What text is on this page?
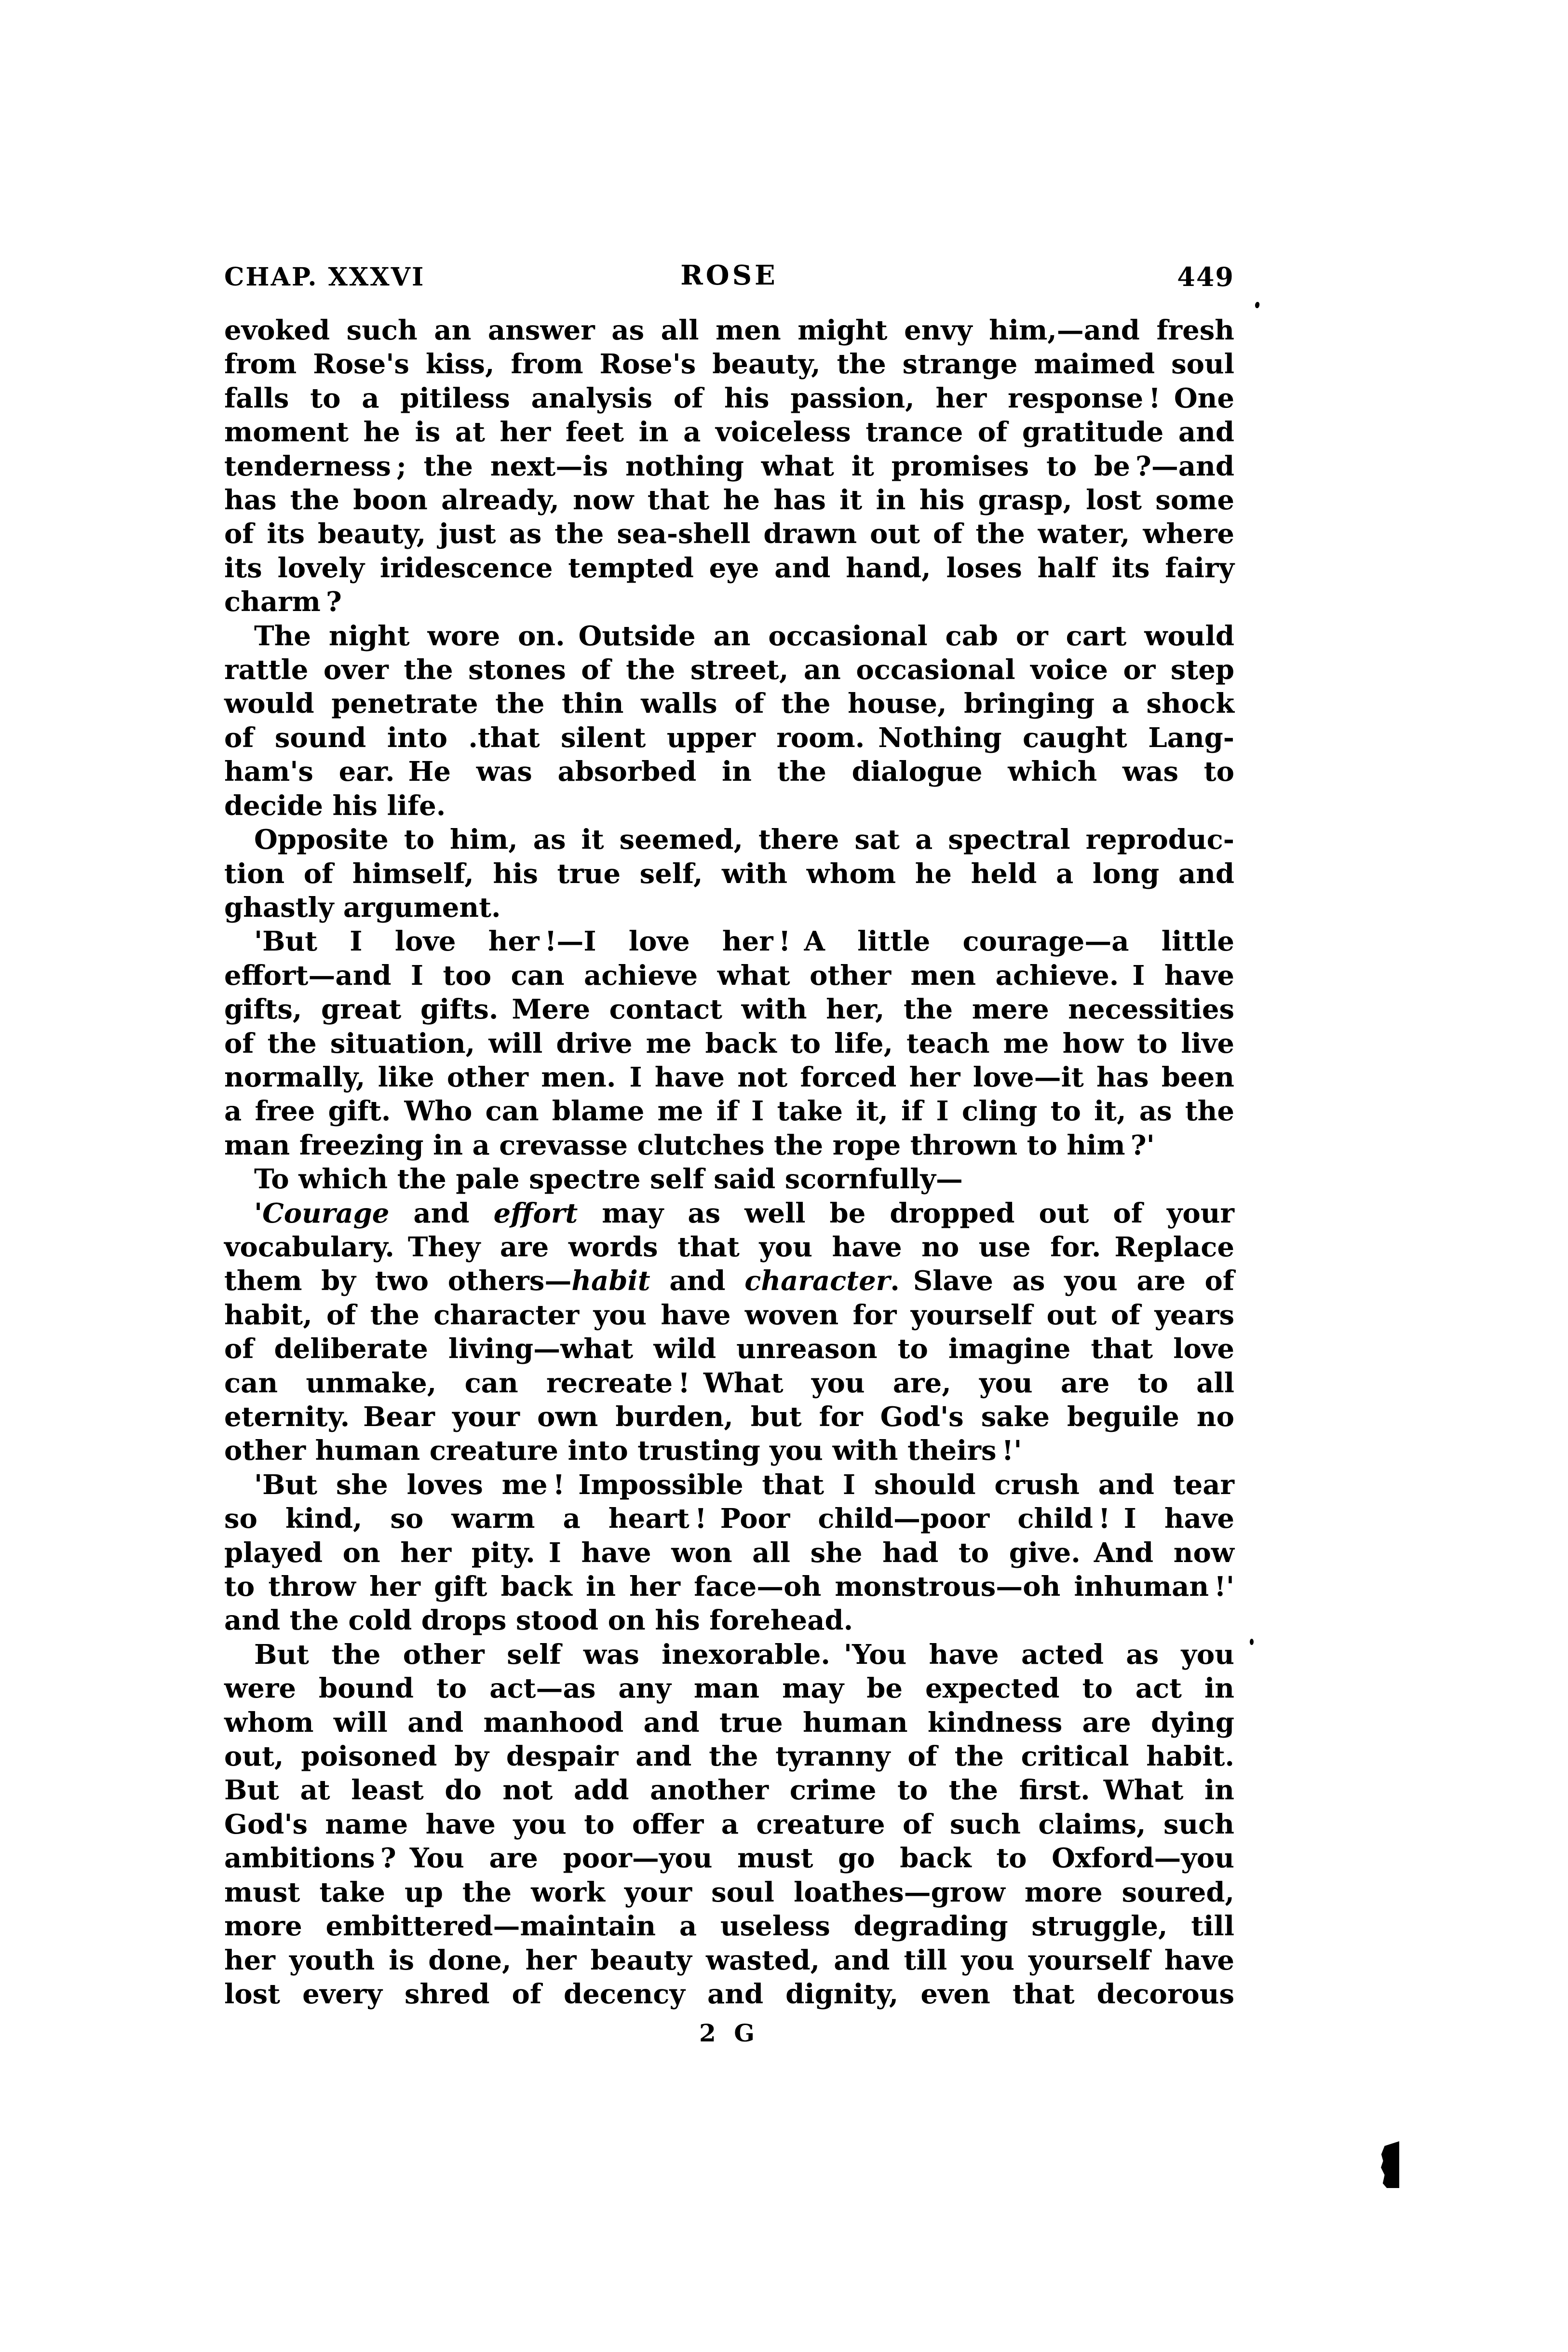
CHAP. XXXVI	ROSE	449
evoked such an answer as all men might envy him,—and fresh
from Rose's kiss, from Rose's beauty, the strange maimed soul
falls to a pitiless analysis of his passion, her response ! One
moment he is at her feet in a voiceless trance of gratitude and
tenderness ; the next—is nothing what it promises to be ?—and
has the boon already, now that he has it in his grasp, lost some
of its beauty, just as the sea-shell drawn out of the water, where
its lovely iridescence tempted eye and hand, loses half its fairy
charm ?
The night wore on. Outside an occasional cab or cart would
rattle over the stones of the street, an occasional voice or step
would penetrate the thin walls of the house, bringing a shock
of sound into .that silent upper room. Nothing caught Lang-
ham's ear. He was absorbed in the dialogue which was to
decide his life.
Opposite to him, as it seemed, there sat a spectral reproduc-
tion of himself, his true self, with whom he held a long and
ghastly argument.
'But I love her !—I love her ! A little courage—a little
effort—and I too can achieve what other men achieve. I have
gifts, great gifts. Mere contact with her, the mere necessities
of the situation, will drive me back to life, teach me how to live
normally, like other men. I have not forced her love—it has been
a free gift. Who can blame me if I take it, if I cling to it, as the
man freezing in a crevasse clutches the rope thrown to him ?'
To which the pale spectre self said scornfully—
'Courage and effort may as well be dropped out of your
vocabulary. They are words that you have no use for. Replace
them by two others—habit and character. Slave as you are of
habit, of the character you have woven for yourself out of years
of deliberate living—what wild unreason to imagine that love
can unmake, can recreate ! What you are, you are to all
eternity. Bear your own burden, but for God's sake beguile no
other human creature into trusting you with theirs !'
'But she loves me ! Impossible that I should crush and tear
so kind, so warm a heart ! Poor child—poor child ! I have
played on her pity. I have won all she had to give. And now
to throw her gift back in her face—oh monstrous—oh inhuman !'
and the cold drops stood on his forehead.
But the other self was inexorable. 'You have acted as you
were bound to act—as any man may be expected to act in
whom will and manhood and true human kindness are dying
out, poisoned by despair and the tyranny of the critical habit.
But at least do not add another crime to the first. What in
God's name have you to offer a creature of such claims, such
ambitions ? You are poor—you must go back to Oxford—you
must take up the work your soul loathes—grow more soured,
more embittered—maintain a useless degrading struggle, till
her youth is done, her beauty wasted, and till you yourself have
lost every shred of decency and dignity, even that decorous
2 G
